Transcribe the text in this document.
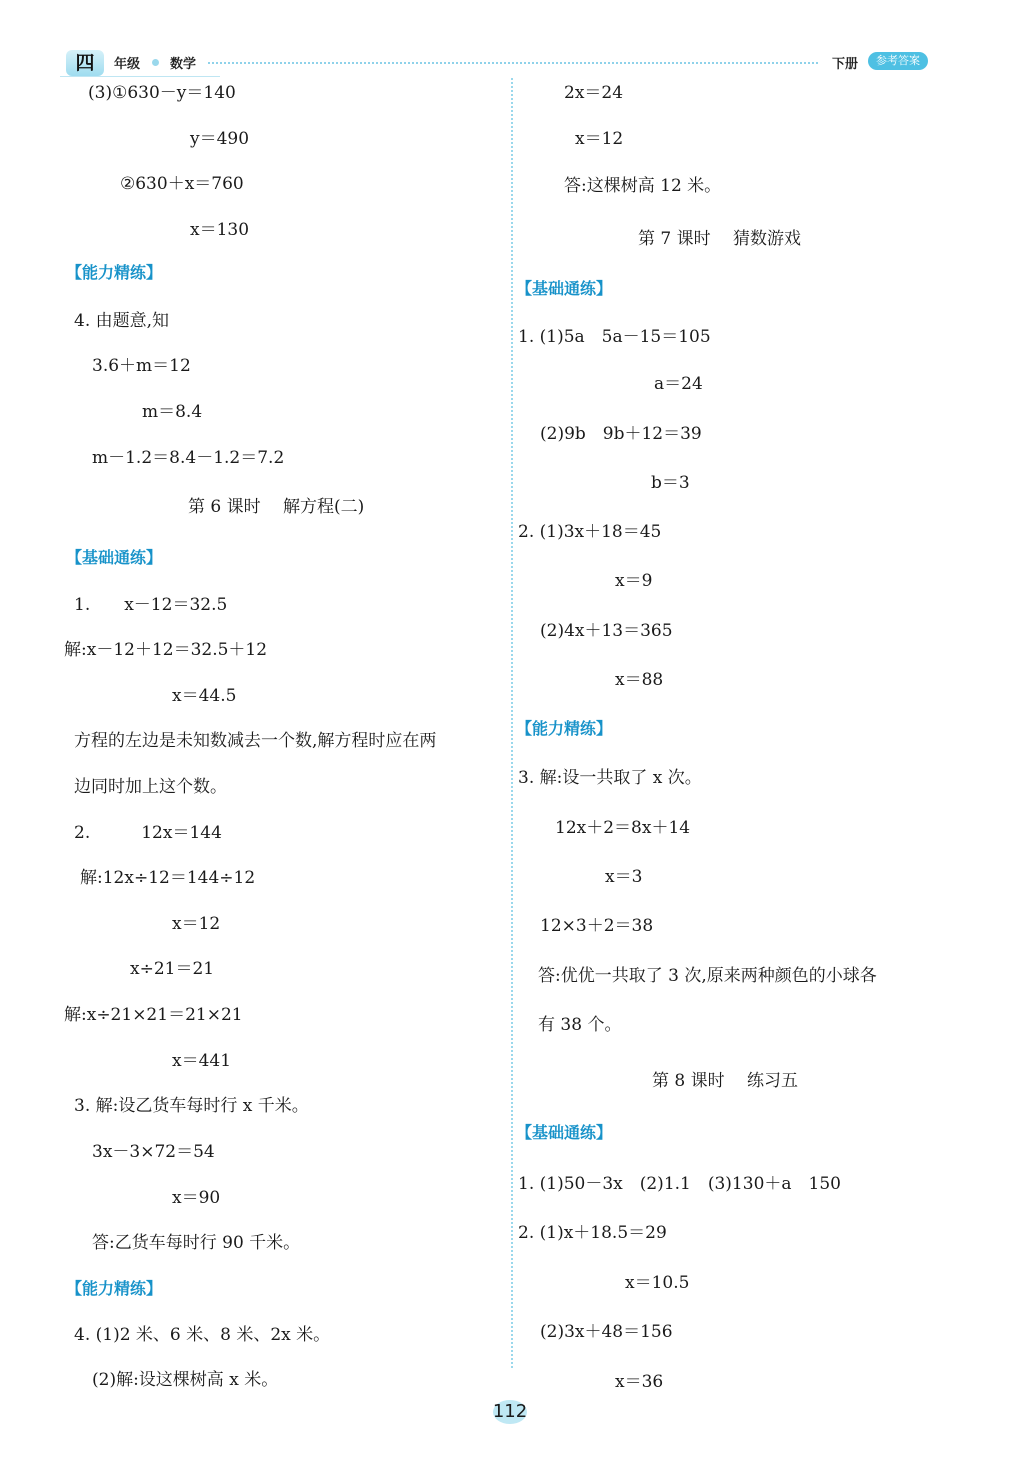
四	年级 数学	下册	参考答案
(3)①630－y＝140
y＝490
②630＋x＝760
x＝130
【能力精练】
4. 由题意,知
3.6＋m＝12
m＝8.4
m－1.2＝8.4－1.2＝7.2
第 6 课时　 解方程(二)
【基础通练】
1.　　x－12＝32.5
解:x－12＋12＝32.5＋12
x＝44.5
方程的左边是未知数减去一个数,解方程时应在两
边同时加上这个数。
2.　　　12x＝144
解:12x÷12＝144÷12
x＝12
x÷21＝21
解:x÷21×21＝21×21
x＝441
3. 解:设乙货车每时行 x 千米。
3x－3×72＝54
x＝90
答:乙货车每时行 90 千米。
【能力精练】
4. (1)2 米、6 米、8 米、2x 米。
(2)解:设这棵树高 x 米。
2x＝24
x＝12
答:这棵树高 12 米。
第 7 课时　 猜数游戏
【基础通练】
1. (1)5a　5a－15＝105
a＝24
(2)9b　9b＋12＝39
b＝3
2. (1)3x＋18＝45
x＝9
(2)4x＋13＝365
x＝88
【能力精练】
3. 解:设一共取了 x 次。
12x＋2＝8x＋14
x＝3
12×3＋2＝38
答:优优一共取了 3 次,原来两种颜色的小球各
有 38 个。
第 8 课时　 练习五
【基础通练】
1. (1)50－3x　(2)1.1　(3)130＋a　150
2. (1)x＋18.5＝29
x＝10.5
(2)3x＋48＝156
x＝36
112
